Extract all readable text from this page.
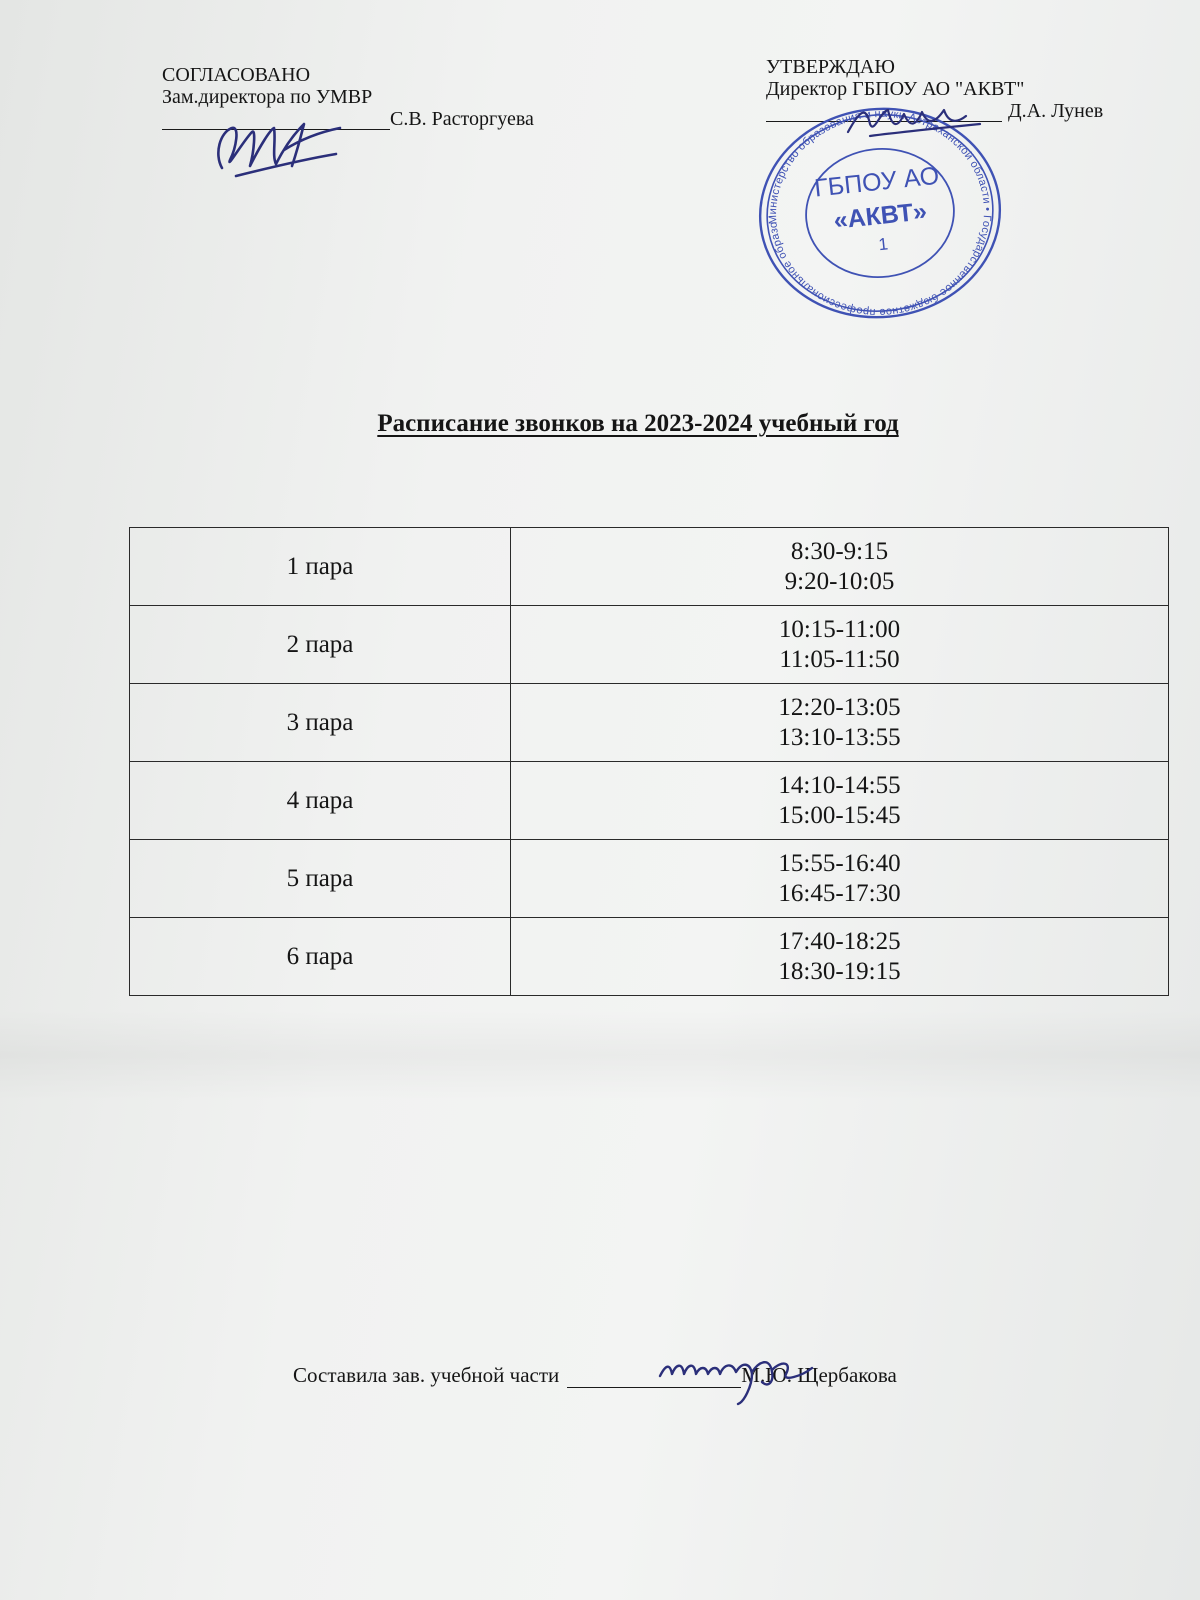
СОГЛАСОВАНО
Зам.директора по УМВР
С.В. Расторгуева
УТВЕРЖДАЮ
Директор ГБПОУ АО "АКВТ"
Д.А. Лунев
Министерство образования и науки Астраханской области • Государственное бюджетное профессиональное образовательное
ГБПОУ АО
«АКВТ»
1
Расписание звонков на 2023-2024 учебный год
1 пара	8:30-9:15
9:20-10:05

2 пара	10:15-11:00
11:05-11:50

3 пара	12:20-13:05
13:10-13:55

4 пара	14:10-14:55
15:00-15:45

5 пара	15:55-16:40
16:45-17:30

6 пара	17:40-18:25
18:30-19:15
Составила зав. учебной части	М.Ю. Щербакова
